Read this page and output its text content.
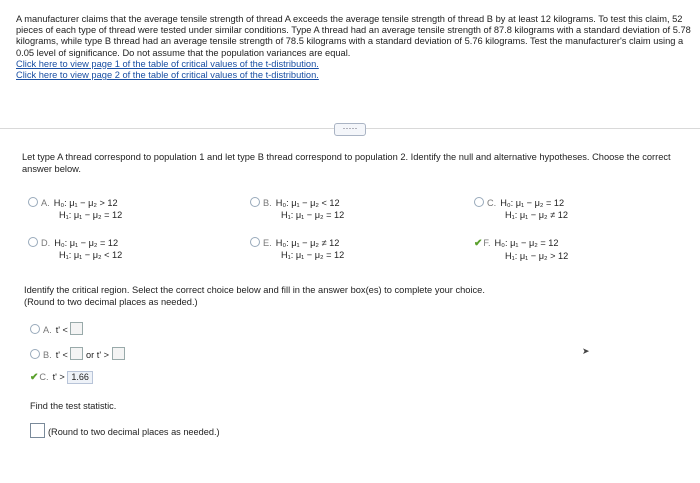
A manufacturer claims that the average tensile strength of thread A exceeds the average tensile strength of thread B by at least 12 kilograms. To test this claim, 52 pieces of each type of thread were tested under similar conditions. Type A thread had an average tensile strength of 87.8 kilograms with a standard deviation of 5.78 kilograms, while type B thread had an average tensile strength of 78.5 kilograms with a standard deviation of 5.76 kilograms. Test the manufacturer's claim using a 0.05 level of significance. Do not assume that the population variances are equal.
Click here to view page 1 of the table of critical values of the t-distribution.
Click here to view page 2 of the table of critical values of the t-distribution.
·····
Let type A thread correspond to population 1 and let type B thread correspond to population 2. Identify the null and alternative hypotheses. Choose the correct answer below.
A. H₀: μ₁ − μ₂ > 12
H₁: μ₁ − μ₂ = 12
B. H₀: μ₁ − μ₂ < 12
H₁: μ₁ − μ₂ = 12
C. H₀: μ₁ − μ₂ = 12
H₁: μ₁ − μ₂ ≠ 12
D. H₀: μ₁ − μ₂ = 12
H₁: μ₁ − μ₂ < 12
E. H₀: μ₁ − μ₂ ≠ 12
H₁: μ₁ − μ₂ = 12
✔F. H₀: μ₁ − μ₂ = 12
H₁: μ₁ − μ₂ > 12
Identify the critical region. Select the correct choice below and fill in the answer box(es) to complete your choice.
(Round to two decimal places as needed.)
A. t' <
B. t' < or t' >
✔C. t' > 1.66
Find the test statistic.
(Round to two decimal places as needed.)
➤
